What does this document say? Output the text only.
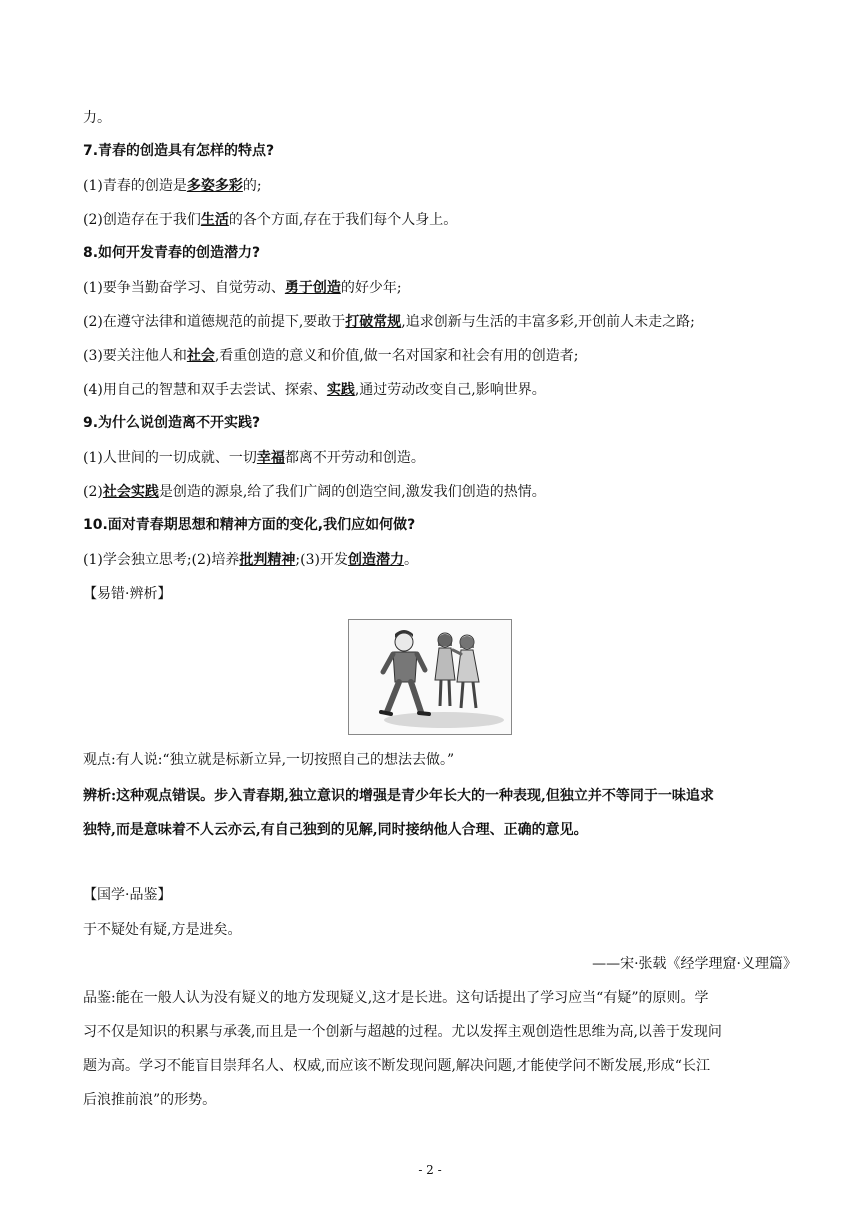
力。
7.青春的创造具有怎样的特点?
(1)青春的创造是多姿多彩的;
(2)创造存在于我们生活的各个方面,存在于我们每个人身上。
8.如何开发青春的创造潜力?
(1)要争当勤奋学习、自觉劳动、勇于创造的好少年;
(2)在遵守法律和道德规范的前提下,要敢于打破常规,追求创新与生活的丰富多彩,开创前人未走之路;
(3)要关注他人和社会,看重创造的意义和价值,做一名对国家和社会有用的创造者;
(4)用自己的智慧和双手去尝试、探索、实践,通过劳动改变自己,影响世界。
9.为什么说创造离不开实践?
(1)人世间的一切成就、一切幸福都离不开劳动和创造。
(2)社会实践是创造的源泉,给了我们广阔的创造空间,激发我们创造的热情。
10.面对青春期思想和精神方面的变化,我们应如何做?
(1)学会独立思考;(2)培养批判精神;(3)开发创造潜力。
【易错·辨析】
观点:有人说:“独立就是标新立异,一切按照自己的想法去做。”
辨析:这种观点错误。步入青春期,独立意识的增强是青少年长大的一种表现,但独立并不等同于一味追求
独特,而是意味着不人云亦云,有自己独到的见解,同时接纳他人合理、正确的意见。
【国学·品鉴】
于不疑处有疑,方是进矣。
——宋·张载《经学理窟·义理篇》
品鉴:能在一般人认为没有疑义的地方发现疑义,这才是长进。这句话提出了学习应当“有疑”的原则。学
习不仅是知识的积累与承袭,而且是一个创新与超越的过程。尤以发挥主观创造性思维为高,以善于发现问
题为高。学习不能盲目崇拜名人、权威,而应该不断发现问题,解决问题,才能使学问不断发展,形成“长江
后浪推前浪”的形势。
- 2 -
